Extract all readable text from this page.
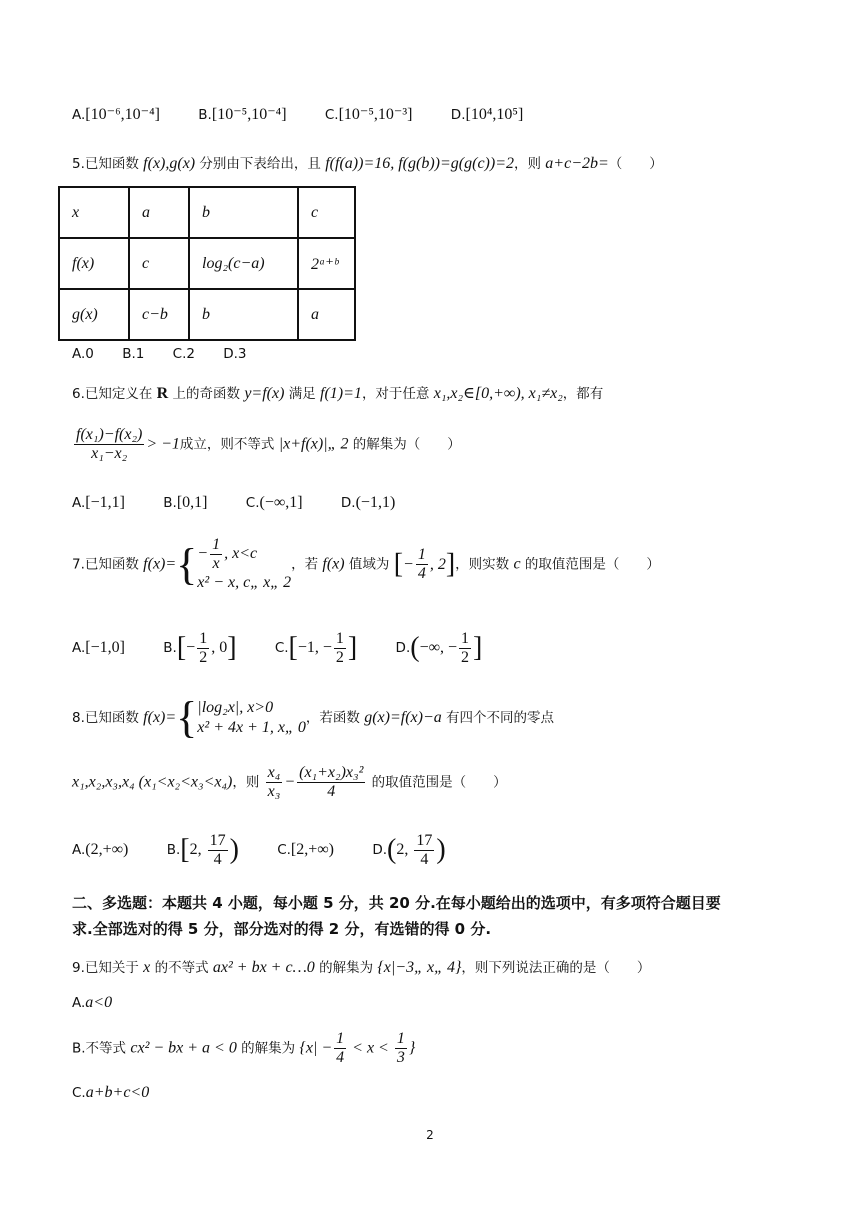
A.[10⁻⁶,10⁻⁴]	B.[10⁻⁵,10⁻⁴]	C.[10⁻⁵,10⁻³]	D.[10⁴,10⁵]
5.已知函数 f(x),g(x) 分别由下表给出，且 f(f(a))=16, f(g(b))=g(g(c))=2，则 a+c−2b=（　　）
x	a	b	c
f(x)	c	log₂(c−a)	2ᵃ⁺ᵇ
g(x)	c−b	b	a
A.0 B.1 C.2 D.3
6.已知定义在 R 上的奇函数 y=f(x) 满足 f(1)=1，对于任意 x₁,x₂∈[0,+∞), x₁≠x₂，都有
$\frac{\text{f(x₁)−f(x₂)}}{\text{x₁−x₂}} > -1$成立，则不等式 |x+f(x)|„ 2 的解集为（　　）
A.[−1,1]	B.[0,1]	C.(−∞,1]	D.(−1,1)
7.已知函数 $f(x)=\{ - \frac{1}{x}$ , x<c
x² − x, c„ x„ 2
，若 f(x) 值域为 [− $\frac{1}{4}$ , 2]，则实数 c 的取值范围是（　　）
A.[−1,0]	$B.[- \frac{1}{2}$ , 0]	C.[−1, − $\frac{1}{2}$ ]	D.(−∞, − $\frac{1}{2}$ ]
8.已知函数 f(x)={ |log₂x|, x>0
x² + 4x + 1, x„ 0
，若函数 g(x)=f(x)−a 有四个不同的零点
x₁,x₂,x₃,x₄ (x₁<x₂<x₃<x₄)，则 $\frac{\text{x₄}}{\text{x₃}} - \frac{\text{(x₁+x₂)x₃²}}{4}$ 的取值范围是（　　）
A.(2,+∞)	B.[2, $\frac{17}{4}$ )	C.[2,+∞)	D.(2, $\frac{17}{4}$ )
二、多选题：本题共 4 小题，每小题 5 分，共 20 分.在每小题给出的选项中，有多项符合题目要
求.全部选对的得 5 分，部分选对的得 2 分，有选错的得 0 分.
9.已知关于 x 的不等式 ax² + bx + c…0 的解集为 {x|−3„ x„ 4}，则下列说法正确的是（　　）
A.a<0
B.不等式 cx² − bx + a < 0 的解集为 {$x| - \frac{1}{4} < x < \frac{1}{3}$ }
C.a+b+c<0
2
